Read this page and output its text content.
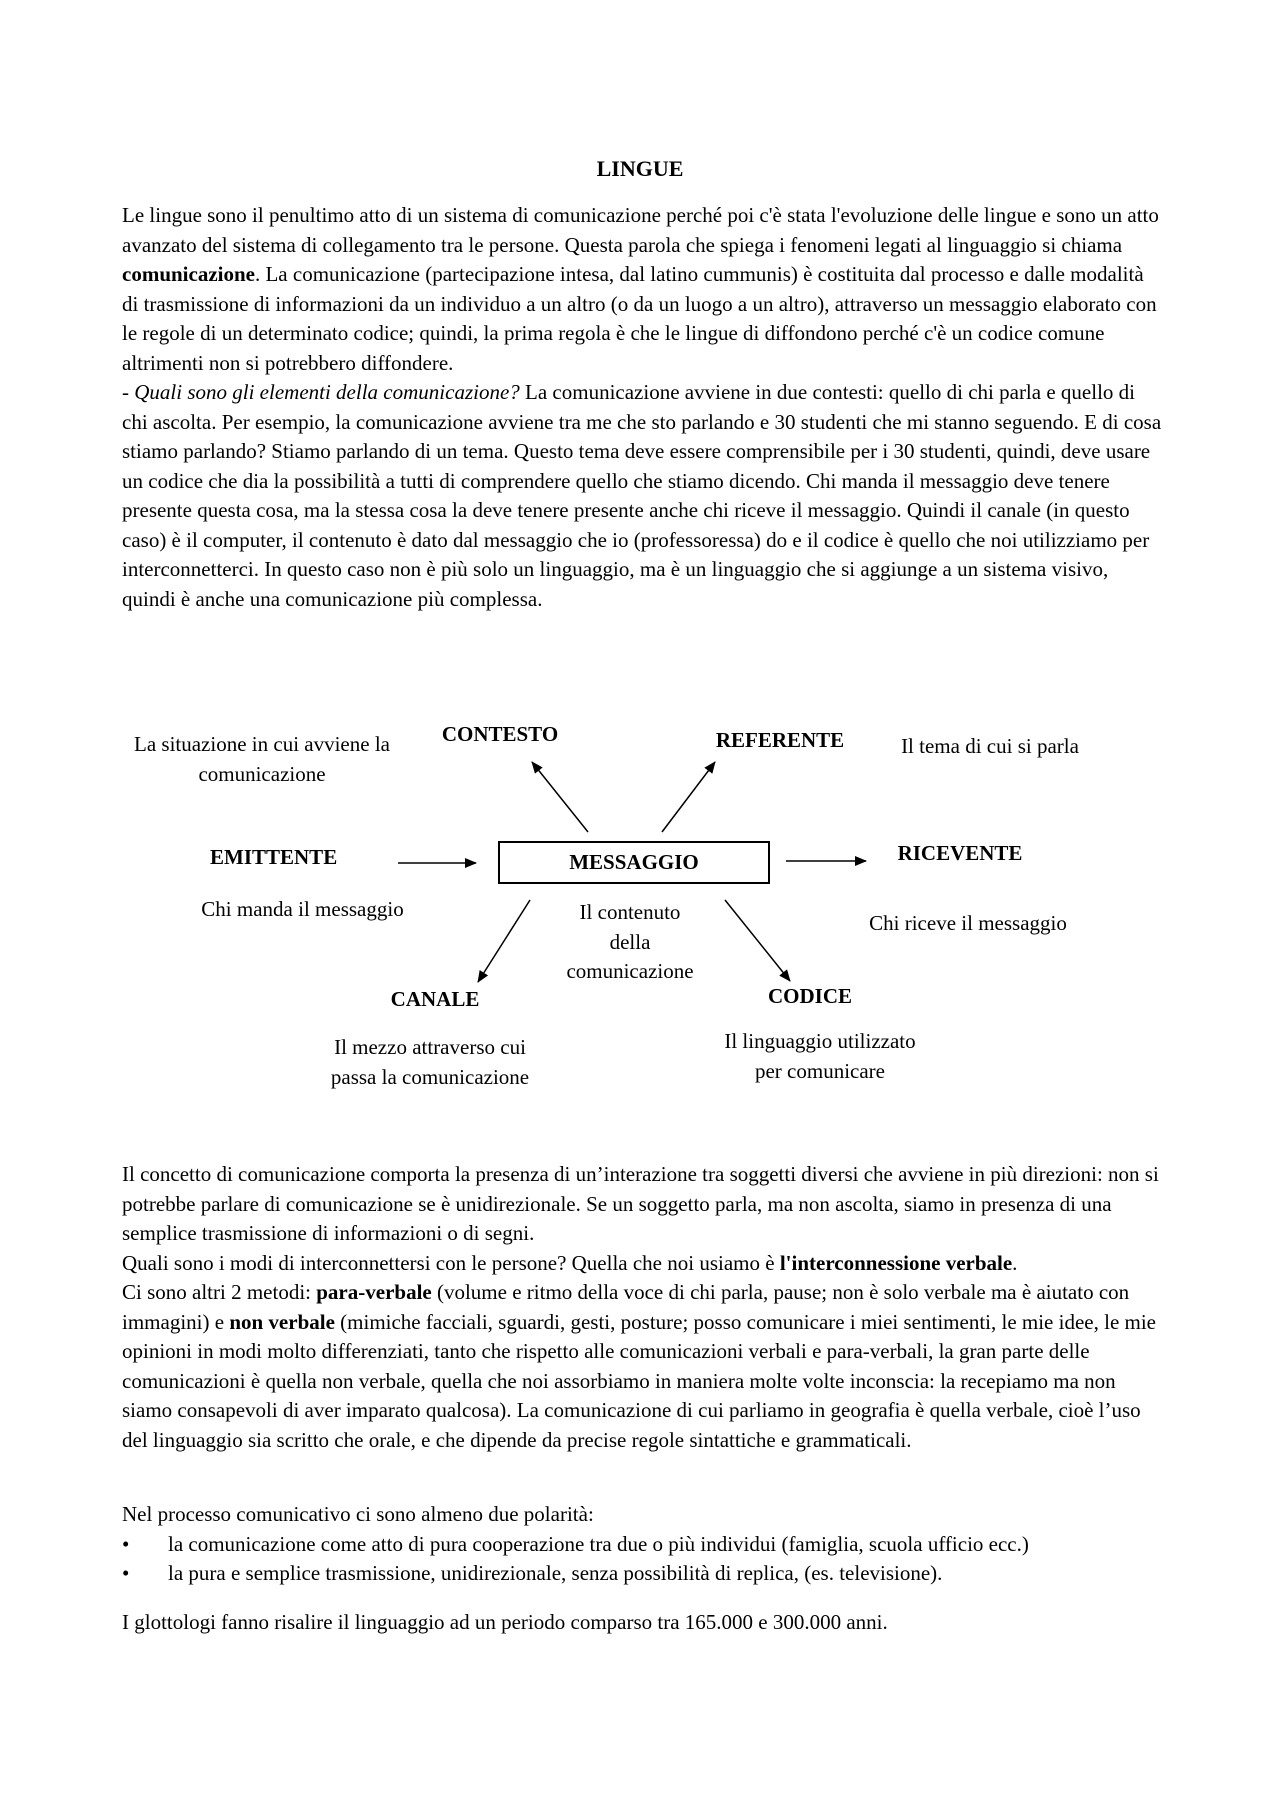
LINGUE

Le lingue sono il penultimo atto di un sistema di comunicazione perché poi c'è stata l'evoluzione delle lingue e sono un atto avanzato del sistema di collegamento tra le persone. Questa parola che spiega i fenomeni legati al linguaggio si chiama comunicazione. La comunicazione (partecipazione intesa, dal latino cummunis) è costituita dal processo e dalle modalità di trasmissione di informazioni da un individuo a un altro (o da un luogo a un altro), attraverso un messaggio elaborato con le regole di un determinato codice; quindi, la prima regola è che le lingue di diffondono perché c'è un codice comune altrimenti non si potrebbero diffondere.

- Quali sono gli elementi della comunicazione? La comunicazione avviene in due contesti: quello di chi parla e quello di chi ascolta. Per esempio, la comunicazione avviene tra me che sto parlando e 30 studenti che mi stanno seguendo. E di cosa stiamo parlando? Stiamo parlando di un tema. Questo tema deve essere comprensibile per i 30 studenti, quindi, deve usare un codice che dia la possibilità a tutti di comprendere quello che stiamo dicendo. Chi manda il messaggio deve tenere presente questa cosa, ma la stessa cosa la deve tenere presente anche chi riceve il messaggio. Quindi il canale (in questo caso) è il computer, il contenuto è dato dal messaggio che io (professoressa) do e il codice è quello che noi utilizziamo per interconnetterci. In questo caso non è più solo un linguaggio, ma è un linguaggio che si aggiunge a un sistema visivo, quindi è anche una comunicazione più complessa.

La situazione in cui avviene la
comunicazione
CONTESTO	REFERENTE	Il tema di cui si parla
EMITTENTE
Chi manda il messaggio
MESSAGGIO
Il contenuto
della
comunicazione
RICEVENTE
Chi riceve il messaggio
CANALE
Il mezzo attraverso cui
passa la comunicazione
CODICE
Il linguaggio utilizzato
per comunicare

Il concetto di comunicazione comporta la presenza di un’interazione tra soggetti diversi che avviene in più direzioni: non si potrebbe parlare di comunicazione se è unidirezionale. Se un soggetto parla, ma non ascolta, siamo in presenza di una semplice trasmissione di informazioni o di segni.

Quali sono i modi di interconnettersi con le persone? Quella che noi usiamo è l'interconnessione verbale.

Ci sono altri 2 metodi: para-verbale (volume e ritmo della voce di chi parla, pause; non è solo verbale ma è aiutato con immagini) e non verbale (mimiche facciali, sguardi, gesti, posture; posso comunicare i miei sentimenti, le mie idee, le mie opinioni in modi molto differenziati, tanto che rispetto alle comunicazioni verbali e para-verbali, la gran parte delle comunicazioni è quella non verbale, quella che noi assorbiamo in maniera molte volte inconscia: la recepiamo ma non siamo consapevoli di aver imparato qualcosa). La comunicazione di cui parliamo in geografia è quella verbale, cioè l’uso del linguaggio sia scritto che orale, e che dipende da precise regole sintattiche e grammaticali.

Nel processo comunicativo ci sono almeno due polarità:

•	la comunicazione come atto di pura cooperazione tra due o più individui (famiglia, scuola ufficio ecc.)
•	la pura e semplice trasmissione, unidirezionale, senza possibilità di replica, (es. televisione).

I glottologi fanno risalire il linguaggio ad un periodo comparso tra 165.000 e 300.000 anni.
